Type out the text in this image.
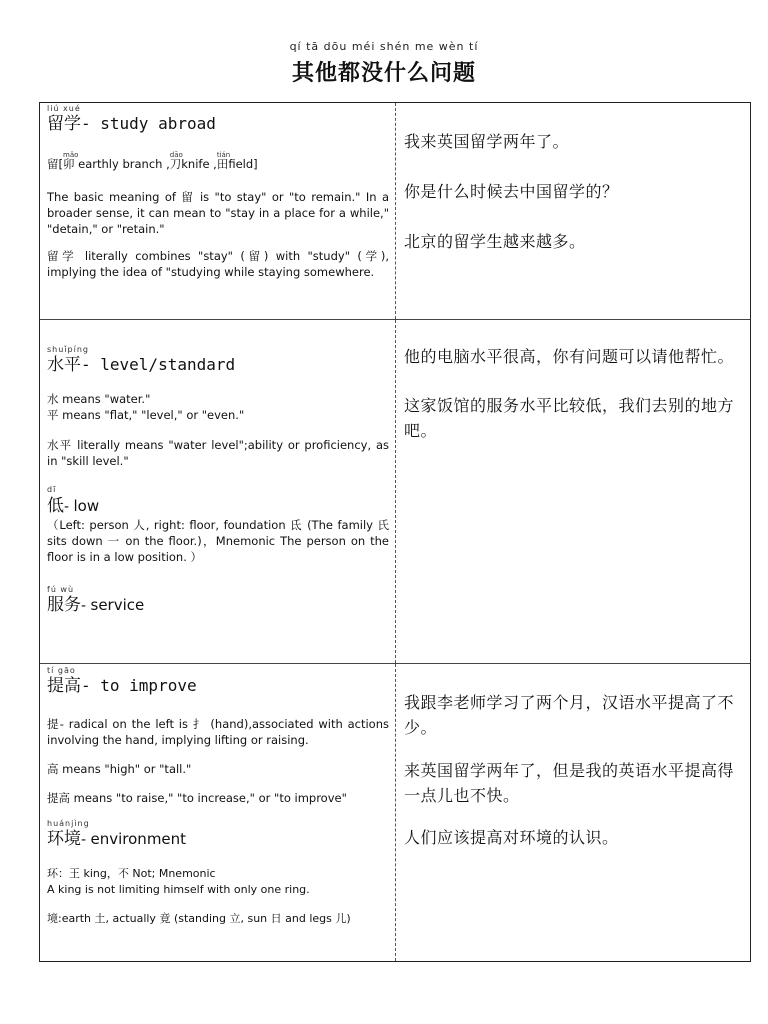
qí tā dōu méi shén me wèn tí
其他都没什么问题
liú xué
留学- study abroad
留[
mǎo
卯 earthly branch ,
dāo
刀knife ,
tián
田field]

The basic meaning of 留 is "to stay" or "to remain." In a broader sense, it can mean to "stay in a place for a while," "detain," or "retain."

留学 literally combines "stay" (留) with "study" (学), implying the idea of "studying while staying somewhere.

我来英国留学两年了。

你是什么时候去中国留学的？

北京的留学生越来越多。

shuǐpíng
水平- level/standard

水 means "water."

平 means "flat," "level," or "even."

水平 literally means "water level";ability or proficiency, as in "skill level."

dī
低- low

（Left: person 人, right: floor, foundation 氐 (The family 氏 sits down 一 on the floor.)，Mnemonic The person on the floor is in a low position. ）

fú wù
服务- service

他的电脑水平很高，你有问题可以请他帮忙。

这家饭馆的服务水平比较低，我们去别的地方吧。

tí gāo
提高- to improve

提- radical on the left is 扌 (hand),associated with actions involving the hand, implying lifting or raising.

高 means "high" or "tall."

提高 means "to raise," "to increase," or "to improve"

huánjìng
环境- environment

环：王 king，不 Not; Mnemonic

A king is not limiting himself with only one ring.

境:earth 土, actually 竟 (standing 立, sun 日 and legs 儿)

我跟李老师学习了两个月，汉语水平提高了不少。

来英国留学两年了，但是我的英语水平提高得一点儿也不快。

人们应该提高对环境的认识。
